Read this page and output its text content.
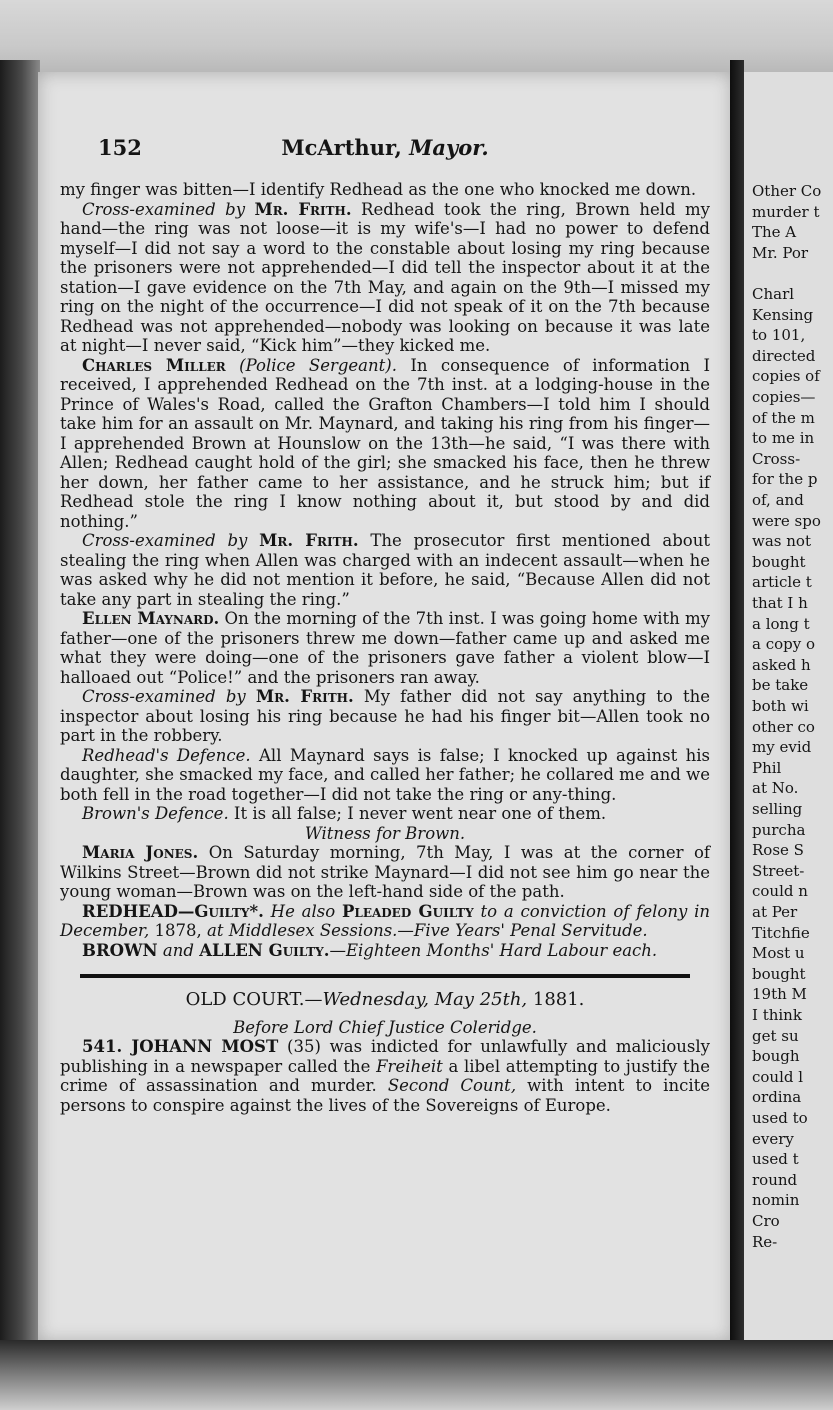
152	McArthur, Mayor.

my finger was bitten—I identify Redhead as the one who knocked me down.

Cross-examined by Mr. Frith. Redhead took the ring, Brown held my hand—the ring was not loose—it is my wife's—I had no power to defend myself—I did not say a word to the constable about losing my ring because the prisoners were not apprehended—I did tell the inspector about it at the station—I gave evidence on the 7th May, and again on the 9th—I missed my ring on the night of the occurrence—I did not speak of it on the 7th because Redhead was not apprehended—nobody was looking on because it was late at night—I never said, “Kick him”—they kicked me.

Charles Miller (Police Sergeant). In consequence of information I received, I apprehended Redhead on the 7th inst. at a lodging-house in the Prince of Wales's Road, called the Grafton Chambers—I told him I should take him for an assault on Mr. Maynard, and taking his ring from his finger—I apprehended Brown at Hounslow on the 13th—he said, “I was there with Allen; Redhead caught hold of the girl; she smacked his face, then he threw her down, her father came to her assistance, and he struck him; but if Redhead stole the ring I know nothing about it, but stood by and did nothing.”

Cross-examined by Mr. Frith. The prosecutor first mentioned about stealing the ring when Allen was charged with an indecent assault—when he was asked why he did not mention it before, he said, “Because Allen did not take any part in stealing the ring.”

Ellen Maynard. On the morning of the 7th inst. I was going home with my father—one of the prisoners threw me down—father came up and asked me what they were doing—one of the prisoners gave father a violent blow—I halloaed out “Police!” and the prisoners ran away.

Cross-examined by Mr. Frith. My father did not say anything to the inspector about losing his ring because he had his finger bit—Allen took no part in the robbery.

Redhead's Defence. All Maynard says is false; I knocked up against his daughter, she smacked my face, and called her father; he collared me and we both fell in the road together—I did not take the ring or any-thing.

Brown's Defence. It is all false; I never went near one of them.

Witness for Brown.

Maria Jones. On Saturday morning, 7th May, I was at the corner of Wilkins Street—Brown did not strike Maynard—I did not see him go near the young woman—Brown was on the left-hand side of the path.

REDHEAD—Guilty*. He also Pleaded Guilty to a conviction of felony in December, 1878, at Middlesex Sessions.—Five Years' Penal Servitude.

BROWN and ALLEN Guilty.—Eighteen Months' Hard Labour each.

OLD COURT.—Wednesday, May 25th, 1881.

Before Lord Chief Justice Coleridge.

541. JOHANN MOST (35) was indicted for unlawfully and maliciously publishing in a newspaper called the Freiheit a libel attempting to justify the crime of assassination and murder. Second Count, with intent to incite persons to conspire against the lives of the Sovereigns of Europe.

Other Co
murder t
The A
Mr. Por
Charl
Kensing
to 101,
directed
copies of
copies—
of the m
to me in
Cross-
for the p
of, and
were spo
was not
bought
article t
that I h
a long t
a copy o
asked h
be take
both wi
other co
my evid
Phil
at No.
selling
purcha
Rose S
Street-
could n
at Per
Titchfie
Most u
bought
19th M
I think
get su
bough
could l
ordina
used to
every
used t
round
nomin
Cro
Re-
